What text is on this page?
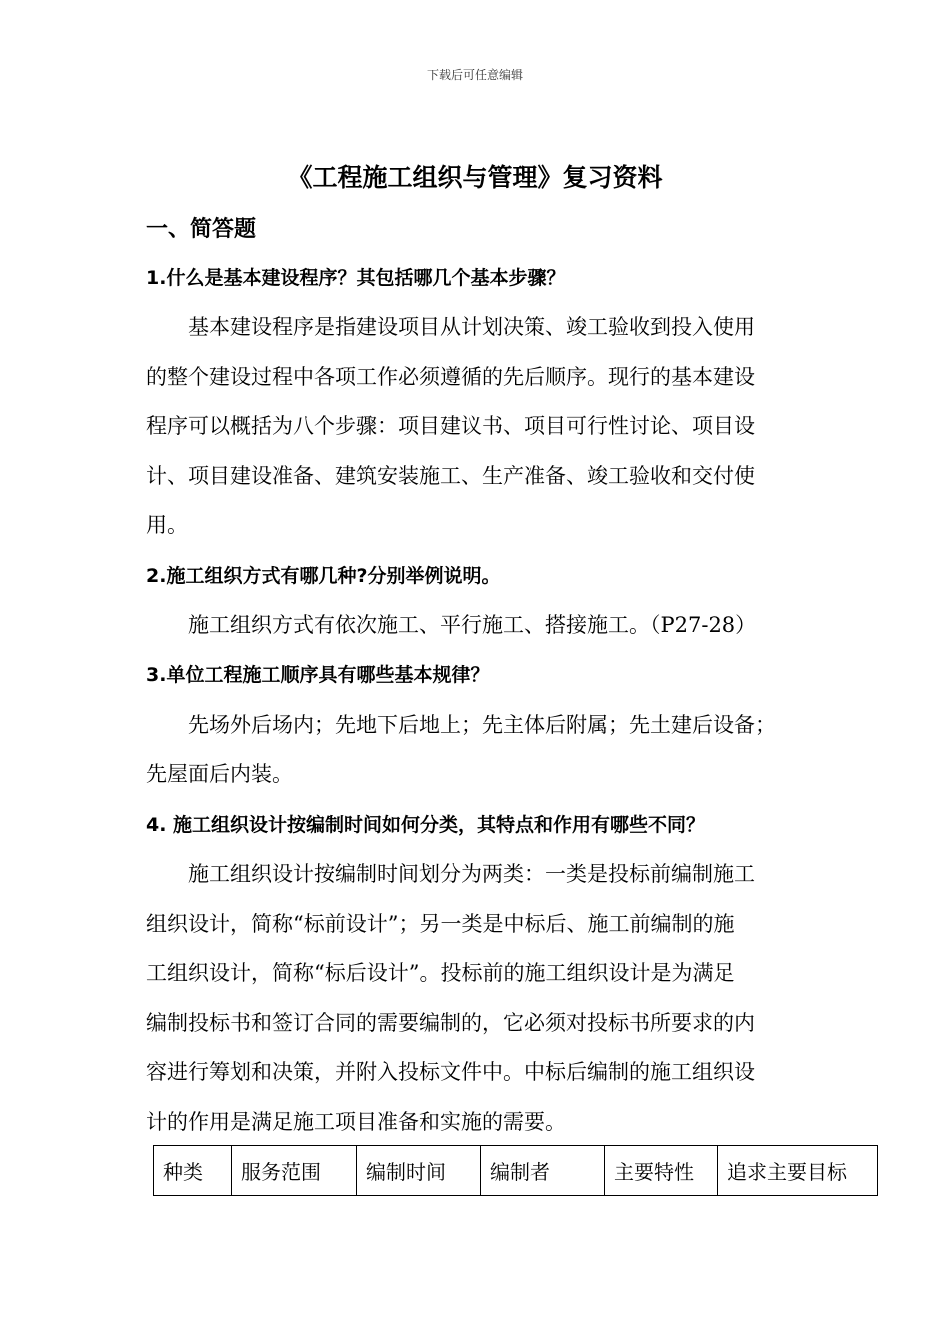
下载后可任意编辑
《工程施工组织与管理》复习资料
一、简答题
1.什么是基本建设程序？其包括哪几个基本步骤？
基本建设程序是指建设项目从计划决策、竣工验收到投入使用
的整个建设过程中各项工作必须遵循的先后顺序。现行的基本建设
程序可以概括为八个步骤：项目建议书、项目可行性讨论、项目设
计、项目建设准备、建筑安装施工、生产准备、竣工验收和交付使
用。
2.施工组织方式有哪几种?分别举例说明。
施工组织方式有依次施工、平行施工、搭接施工。（P27-28）
3.单位工程施工顺序具有哪些基本规律？
先场外后场内；先地下后地上；先主体后附属；先土建后设备；
先屋面后内装。
4. 施工组织设计按编制时间如何分类，其特点和作用有哪些不同？
施工组织设计按编制时间划分为两类：一类是投标前编制施工
组织设计，简称“标前设计”；另一类是中标后、施工前编制的施
工组织设计，简称“标后设计”。投标前的施工组织设计是为满足
编制投标书和签订合同的需要编制的，它必须对投标书所要求的内
容进行筹划和决策，并附入投标文件中。中标后编制的施工组织设
计的作用是满足施工项目准备和实施的需要。
种类	服务范围	编制时间	编制者	主要特性	追求主要目标
